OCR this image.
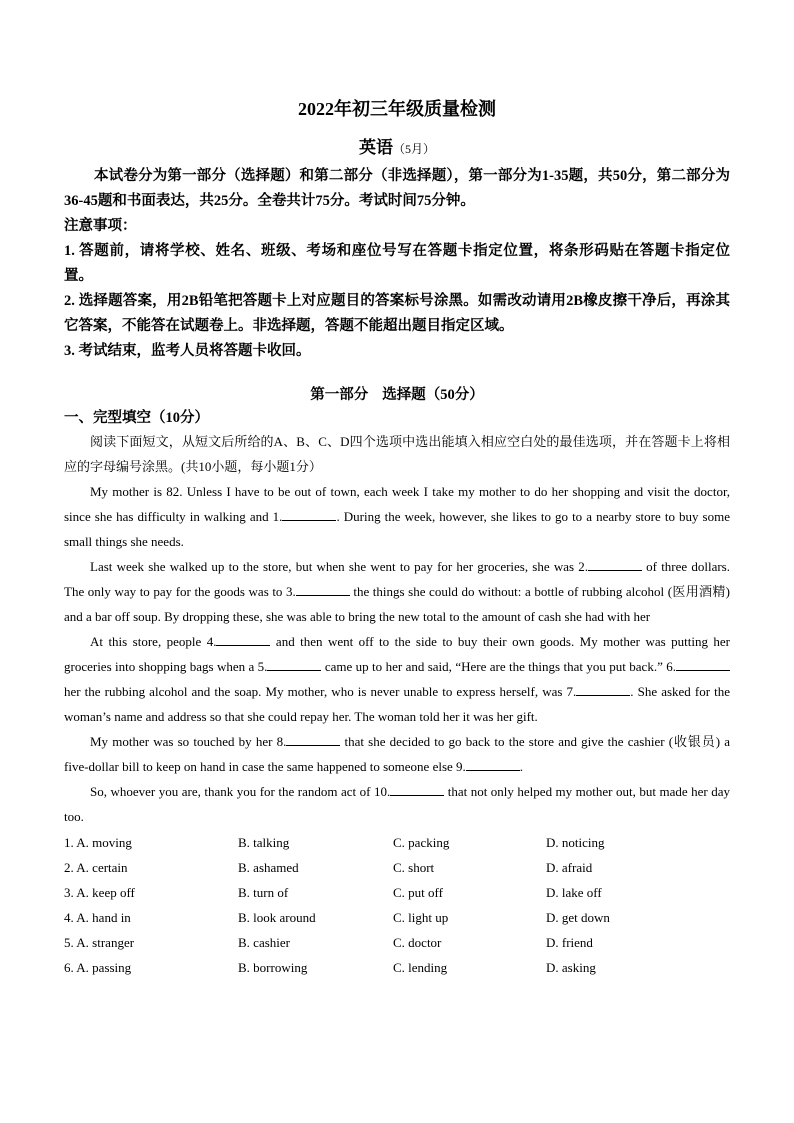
2022年初三年级质量检测
英语（5月）

本试卷分为第一部分（选择题）和第二部分（非选择题），第一部分为1-35题，共50分，第二部分为36-45题和书面表达，共25分。全卷共计75分。考试时间75分钟。

注意事项：

1. 答题前，请将学校、姓名、班级、考场和座位号写在答题卡指定位置，将条形码贴在答题卡指定位置。

2. 选择题答案，用2B铅笔把答题卡上对应题目的答案标号涂黑。如需改动请用2B橡皮擦干净后，再涂其它答案，不能答在试题卷上。非选择题，答题不能超出题目指定区域。

3. 考试结束，监考人员将答题卡收回。

第一部分 选择题（50分）
一、完型填空（10分）

阅读下面短文，从短文后所给的A、B、C、D四个选项中选出能填入相应空白处的最佳选项，并在答题卡上将相应的字母编号涂黑。(共10小题，每小题1分）

My mother is 82. Unless I have to be out of town, each week I take my mother to do her shopping and visit the doctor, since she has difficulty in walking and 1.	. During the week, however, she likes to go to a nearby store to buy some small things she needs.

Last week she walked up to the store, but when she went to pay for her groceries, she was 2.	of three dollars. The only way to pay for the goods was to 3.	the things she could do without: a bottle of rubbing alcohol (医用酒精) and a bar off soup. By dropping these, she was able to bring the new total to the amount of cash she had with her

At this store, people 4.	and then went off to the side to buy their own goods. My mother was putting her groceries into shopping bags when a 5.	came up to her and said, “Here are the things that you put back.” 6. her the rubbing alcohol and the soap. My mother, who is never unable to express herself, was 7.	. She asked for the woman’s name and address so that she could repay her. The woman told her it was her gift.

My mother was so touched by her 8.	that she decided to go back to the store and give the cashier (收银员) a five-dollar bill to keep on hand in case the same happened to someone else 9.	.

So, whoever you are, thank you for the random act of 10.	that not only helped my mother out, but made her day too.

1. A. moving	B. talking	C. packing	D. noticing
2. A. certain	B. ashamed	C. short	D. afraid
3. A. keep off	B. turn of	C. put off	D. lake off
4. A. hand in	B. look around	C. light up	D. get down
5. A. stranger	B. cashier	C. doctor	D. friend
6. A. passing	B. borrowing	C. lending	D. asking
